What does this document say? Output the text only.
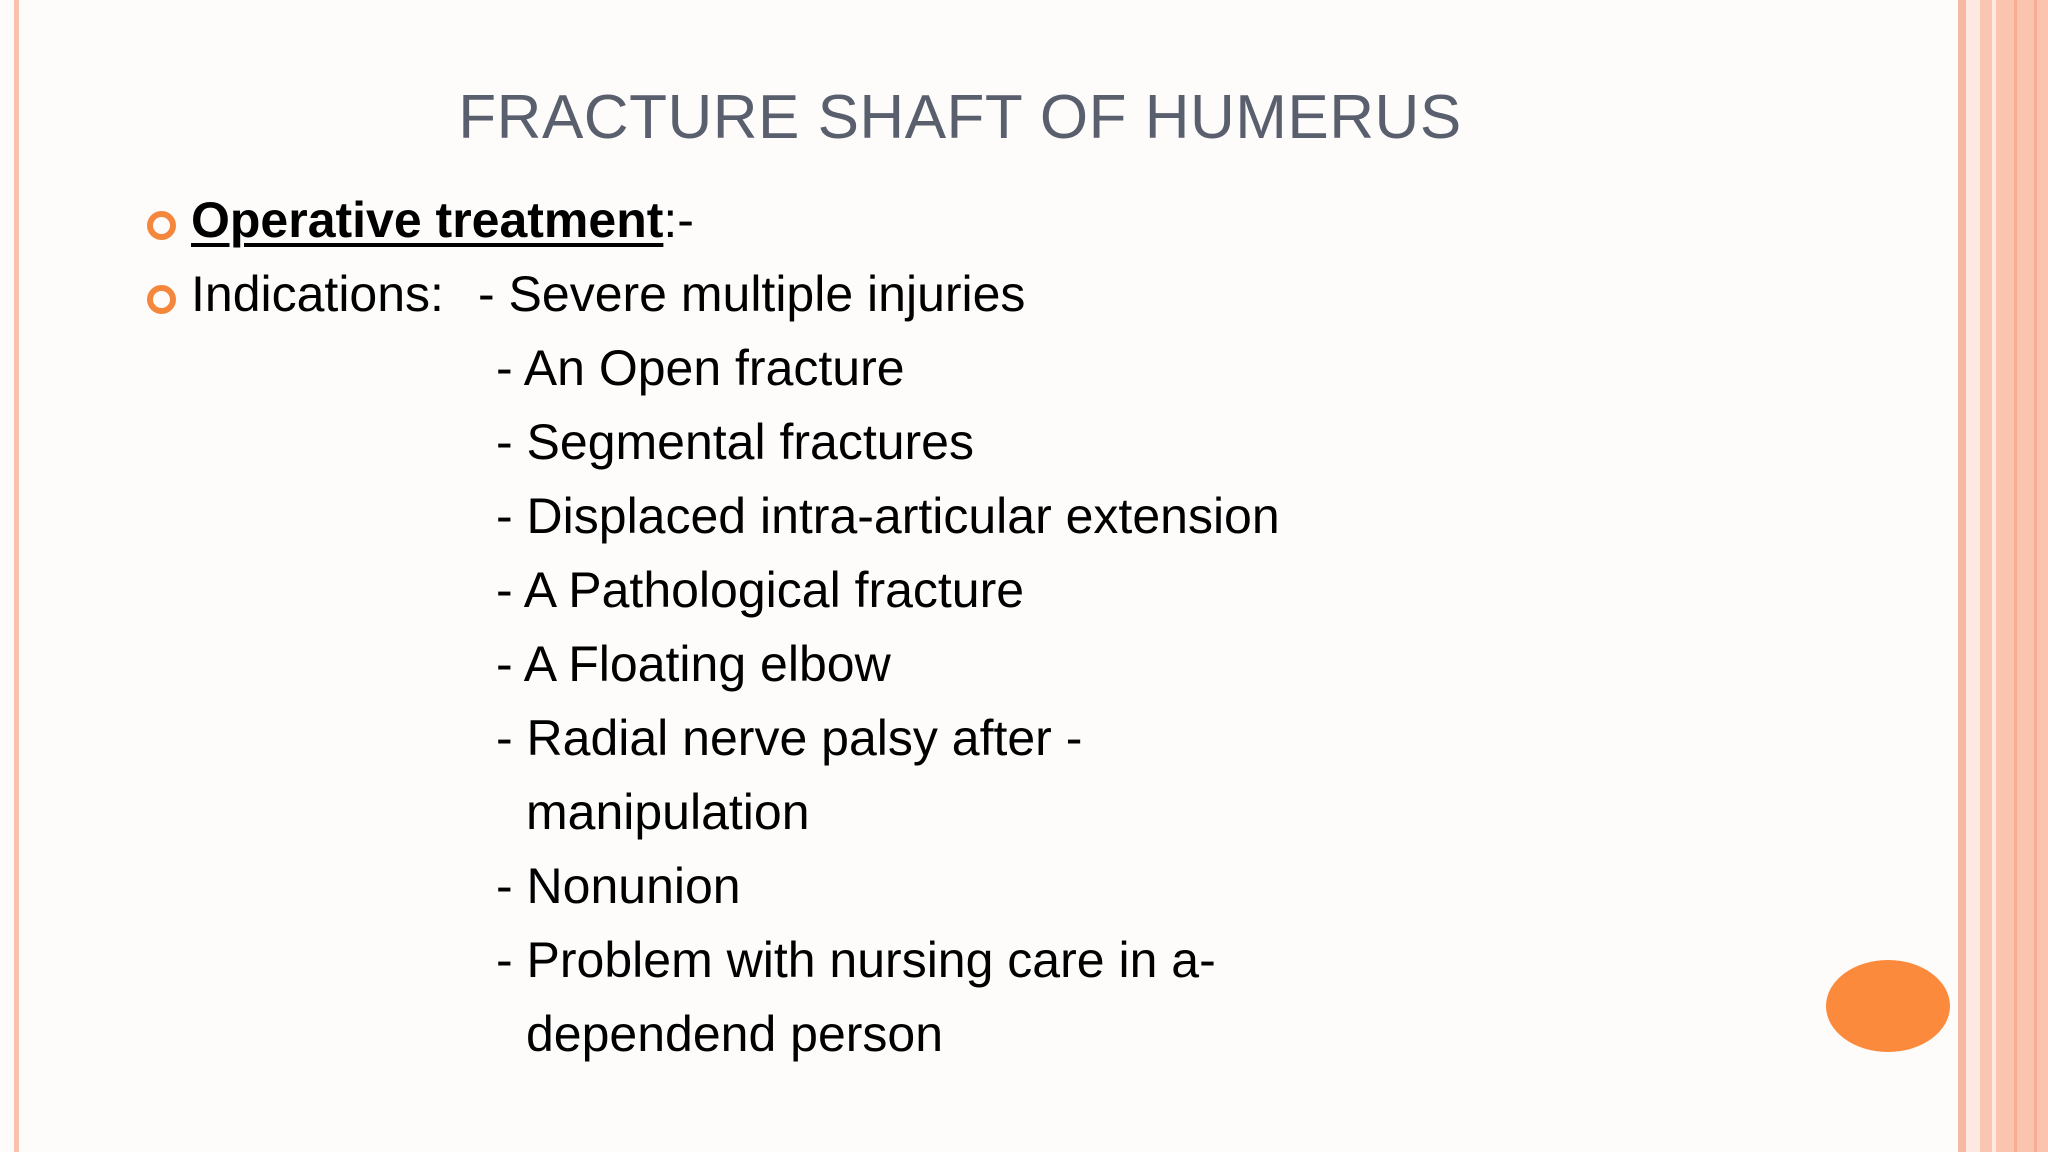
FRACTURE SHAFT OF HUMERUS
Operative treatment:-
Indications: - Severe multiple injuries
- An Open fracture
- Segmental fractures
- Displaced intra-articular extension
- A Pathological fracture
- A Floating elbow
- Radial nerve palsy after -
manipulation
- Nonunion
- Problem with nursing care in a-
dependend person
